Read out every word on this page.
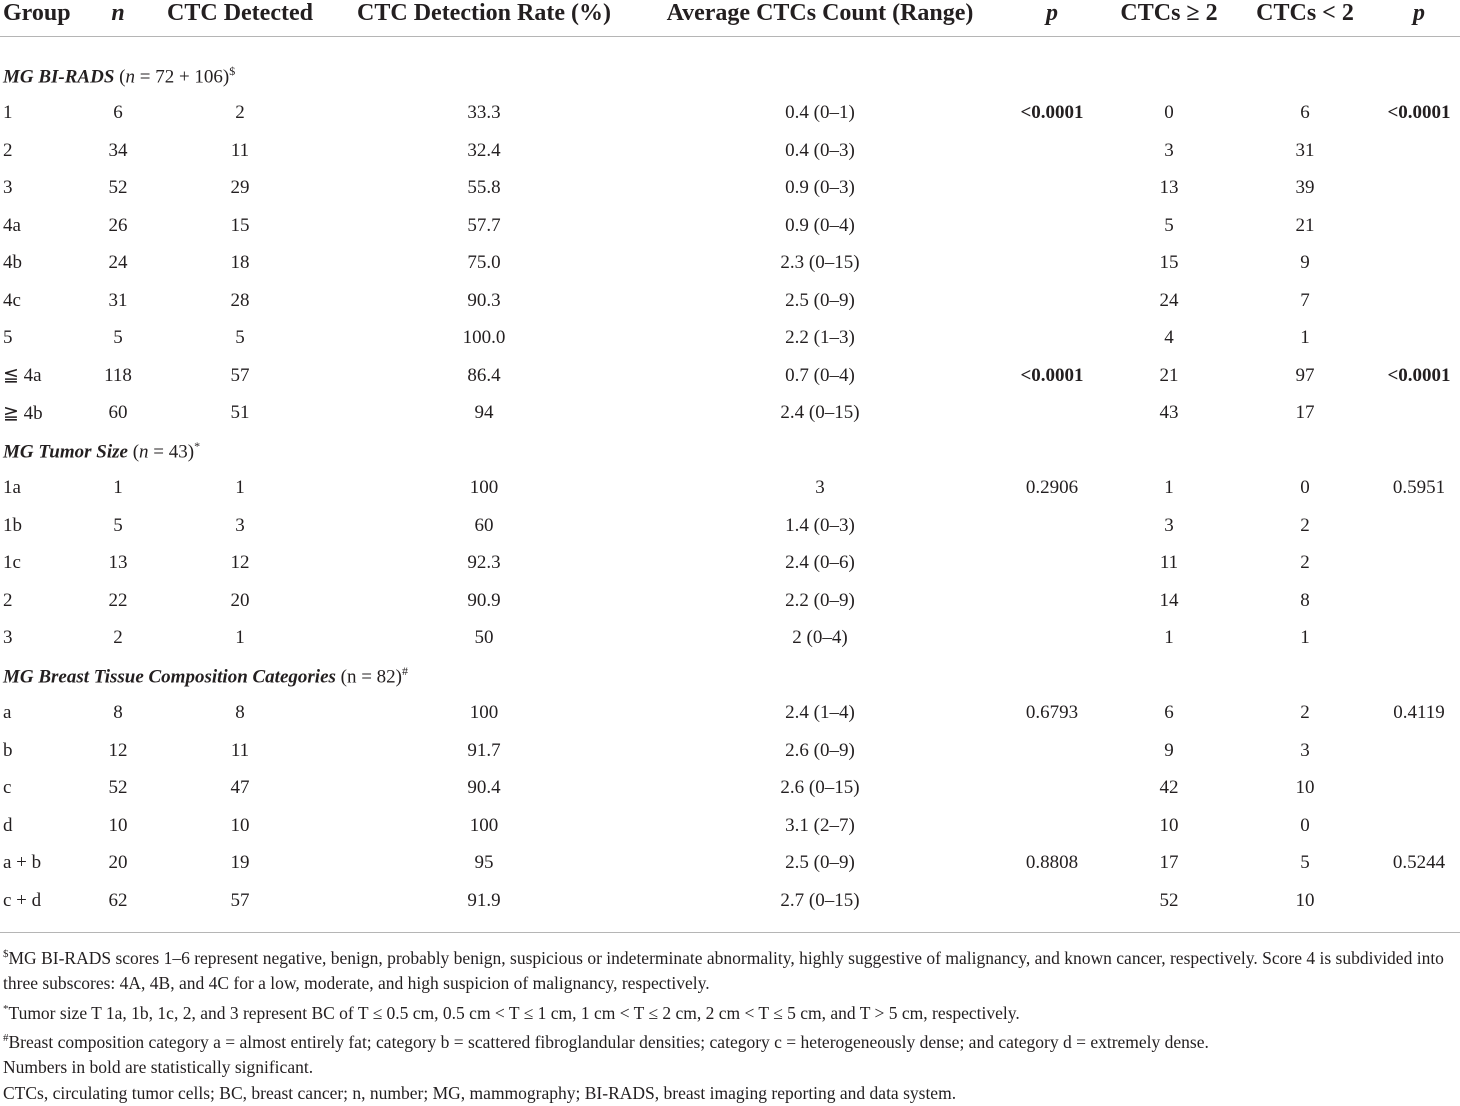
Group	n	CTC Detected	CTC Detection Rate (%)	Average CTCs Count (Range)	p	CTCs ≥ 2	CTCs < 2	p

MG BI-RADS (n = 72 + 106)$
1	6	2	33.3	0.4 (0–1)	<0.0001	0	6	<0.0001
2	34	11	32.4	0.4 (0–3)		3	31	
3	52	29	55.8	0.9 (0–3)		13	39	
4a	26	15	57.7	0.9 (0–4)		5	21	
4b	24	18	75.0	2.3 (0–15)		15	9	
4c	31	28	90.3	2.5 (0–9)		24	7	
5	5	5	100.0	2.2 (1–3)		4	1	
≦ 4a	118	57	86.4	0.7 (0–4)	<0.0001	21	97	<0.0001
≧ 4b	60	51	94	2.4 (0–15)		43	17	
MG Tumor Size (n = 43)*
1a	1	1	100	3	0.2906	1	0	0.5951
1b	5	3	60	1.4 (0–3)		3	2	
1c	13	12	92.3	2.4 (0–6)		11	2	
2	22	20	90.9	2.2 (0–9)		14	8	
3	2	1	50	2 (0–4)		1	1	
MG Breast Tissue Composition Categories (n = 82)#
a	8	8	100	2.4 (1–4)	0.6793	6	2	0.4119
b	12	11	91.7	2.6 (0–9)		9	3	
c	52	47	90.4	2.6 (0–15)		42	10	
d	10	10	100	3.1 (2–7)		10	0	
a + b	20	19	95	2.5 (0–9)	0.8808	17	5	0.5244
c + d	62	57	91.9	2.7 (0–15)		52	10	
$MG BI-RADS scores 1–6 represent negative, benign, probably benign, suspicious or indeterminate abnormality, highly suggestive of malignancy, and known cancer, respectively. Score 4 is subdivided into three subscores: 4A, 4B, and 4C for a low, moderate, and high suspicion of malignancy, respectively.
*Tumor size T 1a, 1b, 1c, 2, and 3 represent BC of T ≤ 0.5 cm, 0.5 cm < T ≤ 1 cm, 1 cm < T ≤ 2 cm, 2 cm < T ≤ 5 cm, and T > 5 cm, respectively.
#Breast composition category a = almost entirely fat; category b = scattered fibroglandular densities; category c = heterogeneously dense; and category d = extremely dense.
Numbers in bold are statistically significant.
CTCs, circulating tumor cells; BC, breast cancer; n, number; MG, mammography; BI-RADS, breast imaging reporting and data system.
